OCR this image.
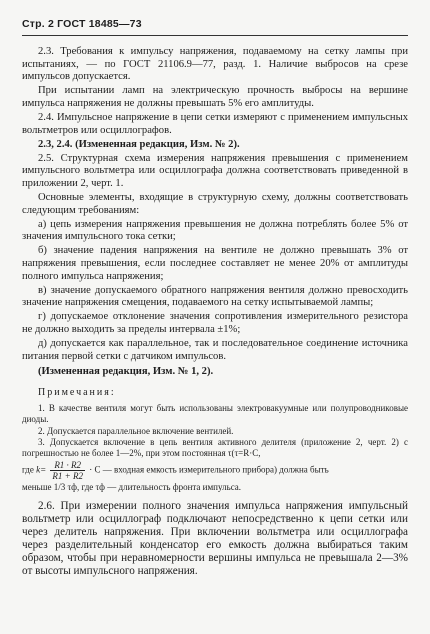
Стр. 2 ГОСТ 18485—73

2.3. Требования к импульсу напряжения, подаваемому на сетку лампы при испытаниях, — по ГОСТ 21106.9—77, разд. 1. Наличие выбросов на срезе импульсов допускается.

При испытании ламп на электрическую прочность выбросы на вершине импульса напряжения не должны превышать 5% его амплитуды.

2.4. Импульсное напряжение в цепи сетки измеряют с применением импульсных вольтметров или осциллографов.

2.3, 2.4. (Измененная редакция, Изм. № 2).

2.5. Структурная схема измерения напряжения превышения с применением импульсного вольтметра или осциллографа должна соответствовать приведенной в приложении 2, черт. 1.

Основные элементы, входящие в структурную схему, должны соответствовать следующим требованиям:

а) цепь измерения напряжения превышения не должна потреблять более 5% от значения импульсного тока сетки;

б) значение падения напряжения на вентиле не должно превышать 3% от напряжения превышения, если последнее составляет не менее 20% от амплитуды полного импульса напряжения;

в) значение допускаемого обратного напряжения вентиля должно превосходить значение напряжения смещения, подаваемого на сетку испытываемой лампы;

г) допускаемое отклонение значения сопротивления измерительного резистора не должно выходить за пределы интервала ±1%;

д) допускается как параллельное, так и последовательное соединение источника питания первой сетки с датчиком импульсов.

(Измененная редакция, Изм. № 1, 2).

Примечания:

1. В качестве вентиля могут быть использованы электровакуумные или полупроводниковые диоды.

2. Допускается параллельное включение вентилей.

3. Допускается включение в цепь вентиля активного делителя (приложение 2, черт. 2) с погрешностью не более 1—2%, при этом постоянная τ(τ=R·C,

где $k= \frac{R1 \cdot R2}{R1 + R2} \cdot C$ — входная емкость измерительного прибора) должна быть

меньше 1/3 τф, где τф — длительность фронта импульса.

2.6. При измерении полного значения импульса напряжения импульсный вольтметр или осциллограф подключают непосредственно к цепи сетки или через делитель напряжения. При включении вольтметра или осциллографа через разделительный конденсатор его емкость должна выбираться таким образом, чтобы при неравномерности вершины импульса не превышала 2—3% от высоты импульсного напряжения.
